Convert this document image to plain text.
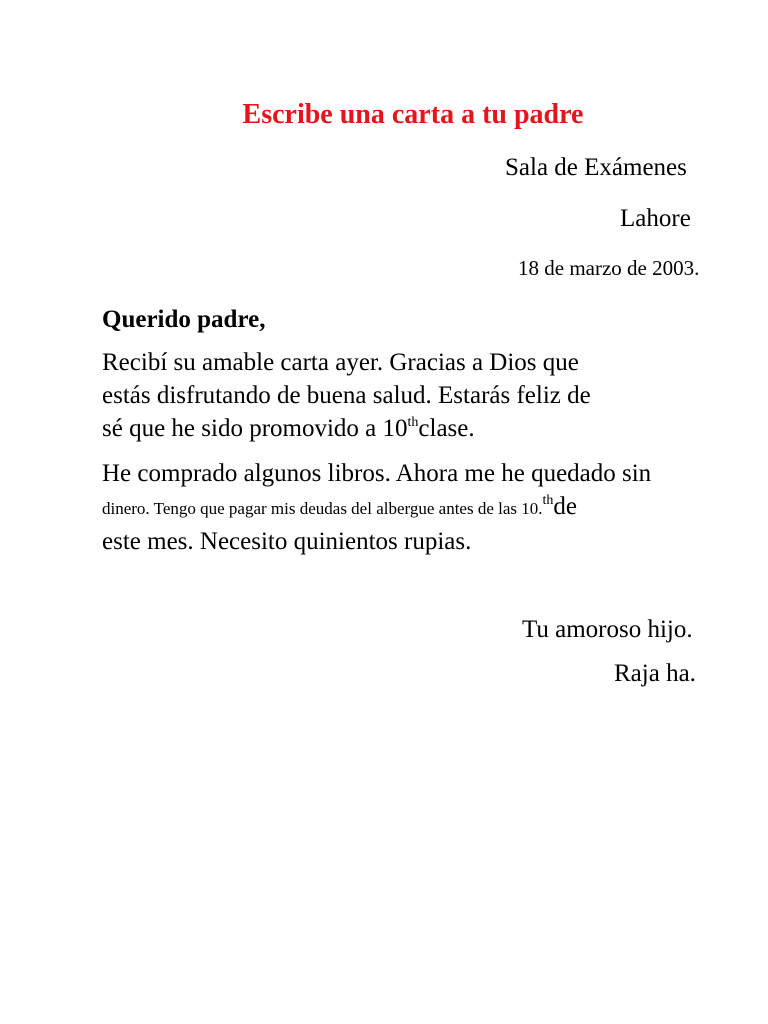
Escribe una carta a tu padre
Sala de Exámenes
Lahore
18 de marzo de 2003.
Querido padre,
Recibí su amable carta ayer. Gracias a Dios que
estás disfrutando de buena salud. Estarás feliz de
sé que he sido promovido a 10thclase.
He comprado algunos libros. Ahora me he quedado sin
dinero. Tengo que pagar mis deudas del albergue antes de las 10.$^{th}$de
este mes. Necesito quinientos rupias.
Tu amoroso hijo.
Raja ha.
